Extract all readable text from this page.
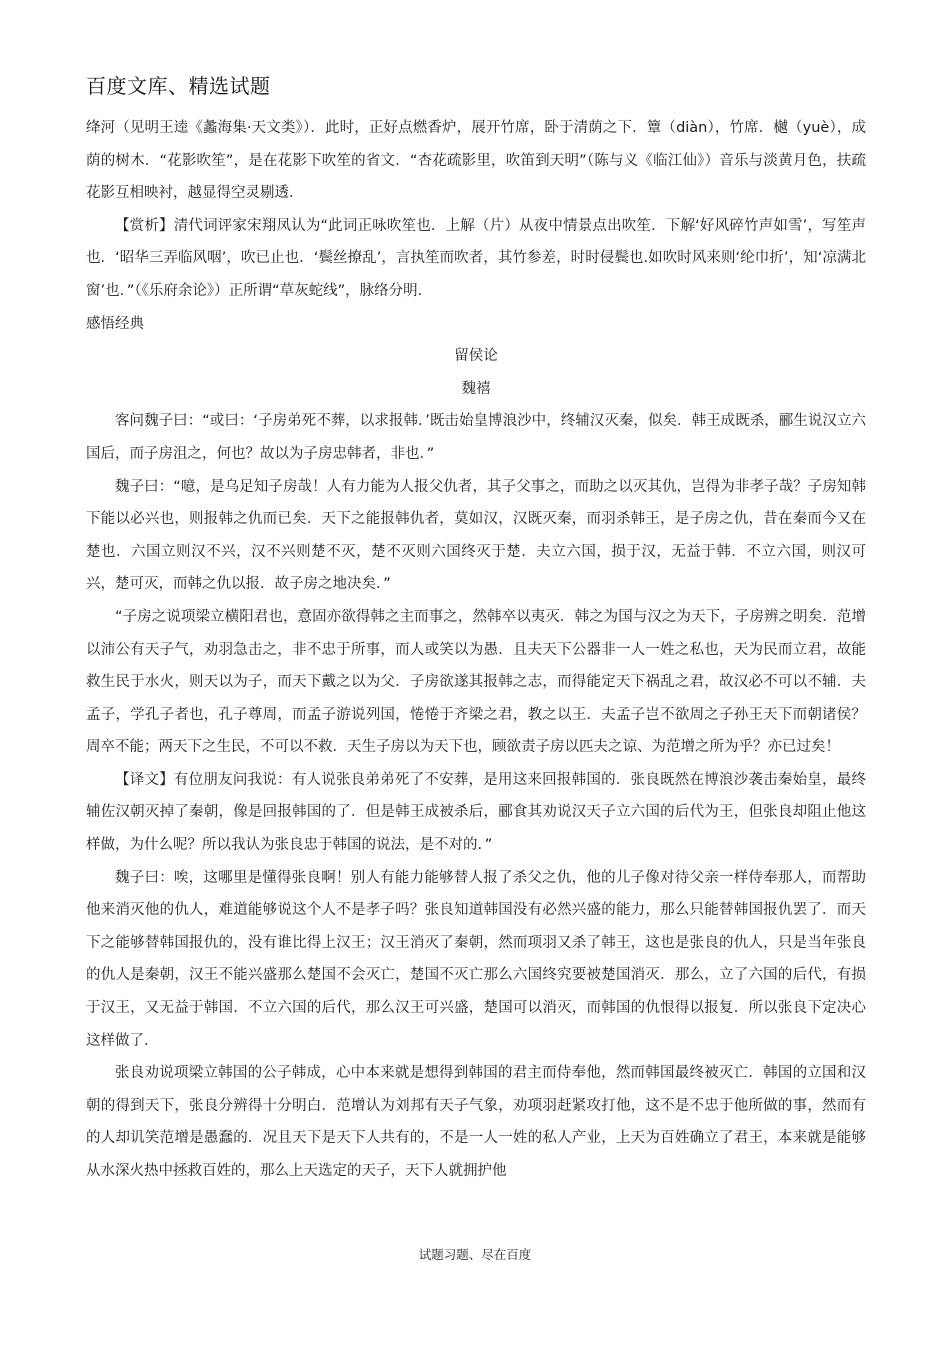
百度文库、精选试题

绛河（见明王逵《蠡海集·天文类》）．此时，正好点燃香炉，展开竹席，卧于清荫之下．簟（diàn），竹席．樾（yuè），成荫的树木．“花影吹笙”，是在花影下吹笙的省文．“杏花疏影里，吹笛到天明”（陈与义《临江仙》）音乐与淡黄月色，扶疏花影互相映衬，越显得空灵剔透．

【赏析】清代词评家宋翔凤认为“此词正咏吹笙也．上解（片）从夜中情景点出吹笙．下解‘好风碎竹声如雪’，写笙声也．‘昭华三弄临风咽’，吹已止也．‘鬓丝撩乱’，言执笙而吹者，其竹参差，时时侵鬓也.如吹时风来则‘纶巾折’，知‘凉满北窗’也．”（《乐府余论》）正所谓“草灰蛇线”，脉络分明．

感悟经典

留侯论

魏禧

客问魏子曰：“或曰：‘子房弟死不葬，以求报韩．’既击始皇博浪沙中，终辅汉灭秦，似矣．韩王成既杀，郦生说汉立六国后，而子房沮之，何也？故以为子房忠韩者，非也．”

魏子曰：“噫，是乌足知子房哉！人有力能为人报父仇者，其子父事之，而助之以灭其仇，岂得为非孝子哉？子房知韩下能以必兴也，则报韩之仇而已矣．天下之能报韩仇者，莫如汉，汉既灭秦，而羽杀韩王，是子房之仇，昔在秦而今又在楚也．六国立则汉不兴，汉不兴则楚不灭，楚不灭则六国终灭于楚．夫立六国，损于汉，无益于韩．不立六国，则汉可兴，楚可灭，而韩之仇以报．故子房之地决矣．”

“子房之说项梁立横阳君也，意固亦欲得韩之主而事之，然韩卒以夷灭．韩之为国与汉之为天下，子房辨之明矣．范增以沛公有天子气，劝羽急击之，非不忠于所事，而人或笑以为愚．且夫天下公器非一人一姓之私也，天为民而立君，故能救生民于水火，则天以为子，而天下戴之以为父．子房欲遂其报韩之志，而得能定天下祸乱之君，故汉必不可以不辅．夫孟子，学孔子者也，孔子尊周，而孟子游说列国，惓惓于齐梁之君，教之以王．夫孟子岂不欲周之子孙王天下而朝诸侯？周卒不能；两天下之生民，不可以不救．天生子房以为天下也，顾欲责子房以匹夫之谅、为范增之所为乎？亦已过矣！

【译文】有位朋友问我说：有人说张良弟弟死了不安葬，是用这来回报韩国的．张良既然在博浪沙袭击秦始皇，最终辅佐汉朝灭掉了秦朝，像是回报韩国的了．但是韩王成被杀后，郦食其劝说汉天子立六国的后代为王，但张良却阻止他这样做，为什么呢？所以我认为张良忠于韩国的说法，是不对的．”

魏子曰：唉，这哪里是懂得张良啊！别人有能力能够替人报了杀父之仇，他的儿子像对待父亲一样侍奉那人，而帮助他来消灭他的仇人，难道能够说这个人不是孝子吗？张良知道韩国没有必然兴盛的能力，那么只能替韩国报仇罢了．而天下之能够替韩国报仇的，没有谁比得上汉王；汉王消灭了秦朝，然而项羽又杀了韩王，这也是张良的仇人，只是当年张良的仇人是秦朝，汉王不能兴盛那么楚国不会灭亡，楚国不灭亡那么六国终究要被楚国消灭．那么，立了六国的后代，有损于汉王，又无益于韩国．不立六国的后代，那么汉王可兴盛，楚国可以消灭，而韩国的仇恨得以报复．所以张良下定决心这样做了．

张良劝说项梁立韩国的公子韩成，心中本来就是想得到韩国的君主而侍奉他，然而韩国最终被灭亡．韩国的立国和汉朝的得到天下，张良分辨得十分明白．范增认为刘邦有天子气象，劝项羽赶紧攻打他，这不是不忠于他所做的事，然而有的人却讥笑范增是愚蠢的．况且天下是天下人共有的，不是一人一姓的私人产业，上天为百姓确立了君王，本来就是能够从水深火热中拯救百姓的，那么上天选定的天子，天下人就拥护他

试题习题、尽在百度
